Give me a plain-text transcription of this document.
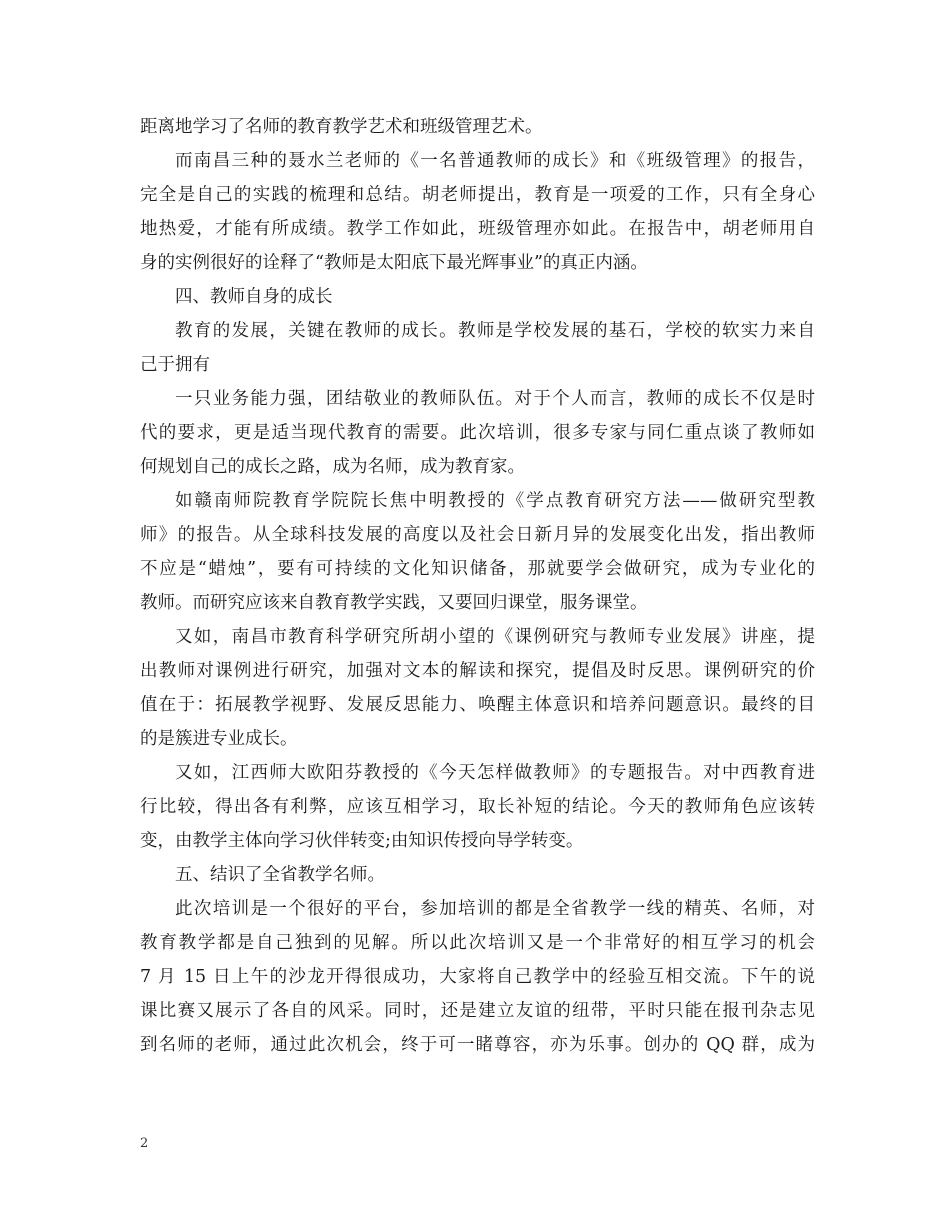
距离地学习了名师的教育教学艺术和班级管理艺术。
而南昌三种的聂水兰老师的《一名普通教师的成长》和《班级管理》的报告，
完全是自己的实践的梳理和总结。胡老师提出，教育是一项爱的工作，只有全身心
地热爱，才能有所成绩。教学工作如此，班级管理亦如此。在报告中，胡老师用自
身的实例很好的诠释了“教师是太阳底下最光辉事业”的真正内涵。
四、教师自身的成长
教育的发展，关键在教师的成长。教师是学校发展的基石，学校的软实力来自
己于拥有
一只业务能力强，团结敬业的教师队伍。对于个人而言，教师的成长不仅是时
代的要求，更是适当现代教育的需要。此次培训，很多专家与同仁重点谈了教师如
何规划自己的成长之路，成为名师，成为教育家。
如赣南师院教育学院院长焦中明教授的《学点教育研究方法——做研究型教
师》的报告。从全球科技发展的高度以及社会日新月异的发展变化出发，指出教师
不应是“蜡烛”，要有可持续的文化知识储备，那就要学会做研究，成为专业化的
教师。而研究应该来自教育教学实践，又要回归课堂，服务课堂。
又如，南昌市教育科学研究所胡小望的《课例研究与教师专业发展》讲座，提
出教师对课例进行研究，加强对文本的解读和探究，提倡及时反思。课例研究的价
值在于：拓展教学视野、发展反思能力、唤醒主体意识和培养问题意识。最终的目
的是簇进专业成长。
又如，江西师大欧阳芬教授的《今天怎样做教师》的专题报告。对中西教育进
行比较，得出各有利弊，应该互相学习，取长补短的结论。今天的教师角色应该转
变，由教学主体向学习伙伴转变;由知识传授向导学转变。
五、结识了全省教学名师。
此次培训是一个很好的平台，参加培训的都是全省教学一线的精英、名师，对
教育教学都是自己独到的见解。所以此次培训又是一个非常好的相互学习的机会
7 月 15 日上午的沙龙开得很成功，大家将自己教学中的经验互相交流。下午的说
课比赛又展示了各自的风采。同时，还是建立友谊的纽带，平时只能在报刊杂志见
到名师的老师，通过此次机会，终于可一睹尊容，亦为乐事。创办的 QQ 群，成为
2
